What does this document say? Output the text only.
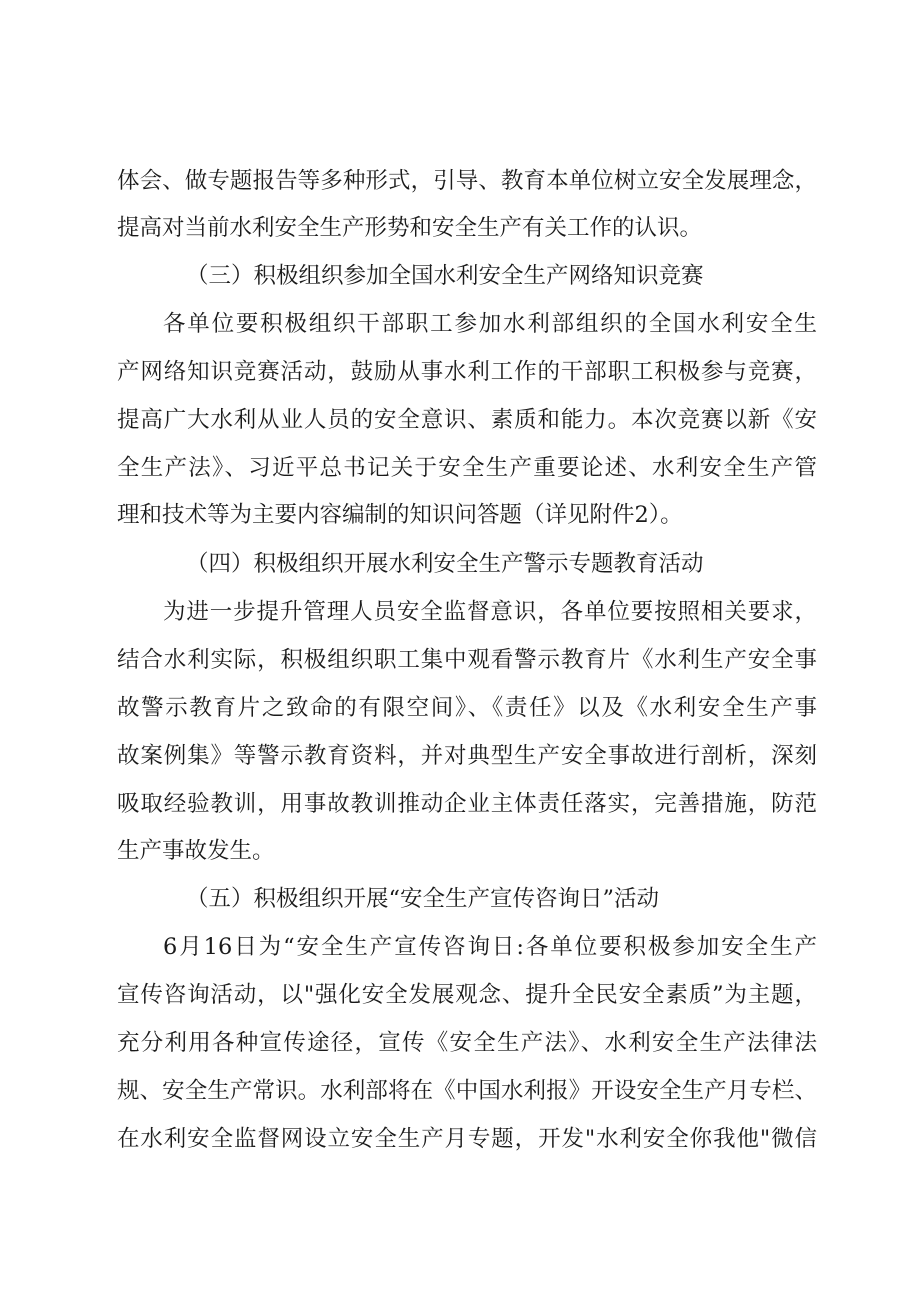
体会、做专题报告等多种形式，引导、教育本单位树立安全发展理念，
提高对当前水利安全生产形势和安全生产有关工作的认识。
（三）积极组织参加全国水利安全生产网络知识竞赛
各单位要积极组织干部职工参加水利部组织的全国水利安全生
产网络知识竞赛活动，鼓励从事水利工作的干部职工积极参与竞赛，
提高广大水利从业人员的安全意识、素质和能力。本次竞赛以新《安
全生产法》、习近平总书记关于安全生产重要论述、水利安全生产管
理和技术等为主要内容编制的知识问答题（详见附件2）。
（四）积极组织开展水利安全生产警示专题教育活动
为进一步提升管理人员安全监督意识，各单位要按照相关要求，
结合水利实际，积极组织职工集中观看警示教育片《水利生产安全事
故警示教育片之致命的有限空间》、《责任》以及《水利安全生产事
故案例集》等警示教育资料，并对典型生产安全事故进行剖析，深刻
吸取经验教训，用事故教训推动企业主体责任落实，完善措施，防范
生产事故发生。
（五）积极组织开展“安全生产宣传咨询日”活动
6月16日为“安全生产宣传咨询日:各单位要积极参加安全生产
宣传咨询活动，以"强化安全发展观念、提升全民安全素质”为主题，
充分利用各种宣传途径，宣传《安全生产法》、水利安全生产法律法
规、安全生产常识。水利部将在《中国水利报》开设安全生产月专栏、
在水利安全监督网设立安全生产月专题，开发"水利安全你我他"微信
